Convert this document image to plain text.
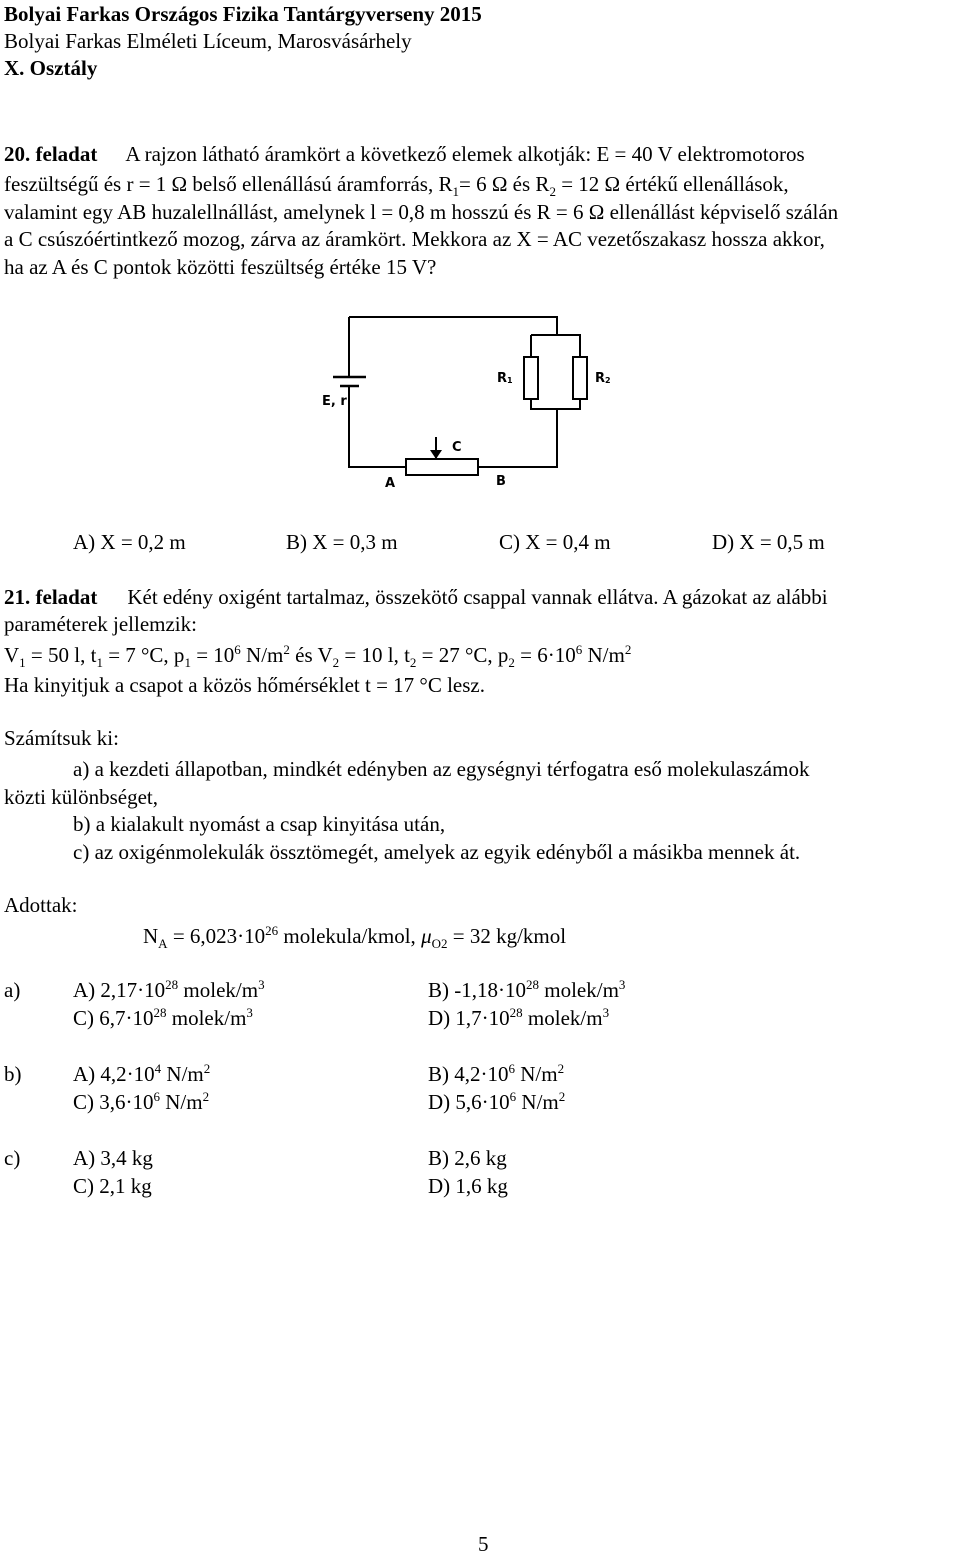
Bolyai Farkas Országos Fizika Tantárgyverseny 2015
Bolyai Farkas Elméleti Líceum, Marosvásárhely
X. Osztály
20. feladat A rajzon látható áramkört a következő elemek alkotják: E = 40 V elektromotoros
feszültségű és r = 1 Ω belső ellenállású áramforrás, $R_1= 6$ Ω és $R_2 = 12$ Ω értékű ellenállások,
valamint egy AB huzalellnállást, amelynek l = 0,8 m hosszú és R = 6 Ω ellenállást képviselő szálán
a C csúszóértintkező mozog, zárva az áramkört. Mekkora az X = AC vezetőszakasz hossza akkor,
ha az A és C pontok közötti feszültség értéke 15 V?
E, r
R1	R2
C
A	B
A) X = 0,2 m	B) X = 0,3 m	C) X = 0,4 m	D) X = 0,5 m
21. feladat Két edény oxigént tartalmaz, összekötő csappal vannak ellátva. A gázokat az alábbi
paraméterek jellemzik:
$V_1 = 50$ l, $t_1 = 7$ °C, $p_1 = 10^6$ $N/m^2$ és $V_2 = 10$ l, $t_2 = 27$ °C, $p_2 = 6\cdot 10^6$ $N/m^2$
Ha kinyitjuk a csapot a közös hőmérséklet t = 17 °C lesz.
Számítsuk ki:
a) a kezdeti állapotban, mindkét edényben az egységnyi térfogatra eső molekulaszámok
közti különbséget,
b) a kialakult nyomást a csap kinyitása után,
c) az oxigénmolekulák össztömegét, amelyek az egyik edényből a másikba mennek át.
Adottak:
$N_A = 6,023\cdot 10^{26}$ molekula/kmol, $\mu_{O2} = 32$ kg/kmol
a)	A) $2,17\cdot 10^{28}$ molek/$m^3$	B) $-1,18\cdot 10^{28}$ molek/$m^3$
C) $6,7\cdot 10^{28}$ molek/$m^3$	D) $1,7\cdot 10^{28}$ molek/$m^3$
b) A) $4,2\cdot 10^4$ $N/m^2$	B) $4,2\cdot 10^6$ $N/m^2$
C) $3,6\cdot 10^6$ $N/m^2$	D) $5,6\cdot 10^6$ $N/m^2$
c)	A) 3,4 kg	B) 2,6 kg
C) 2,1 kg	D) 1,6 kg
5
